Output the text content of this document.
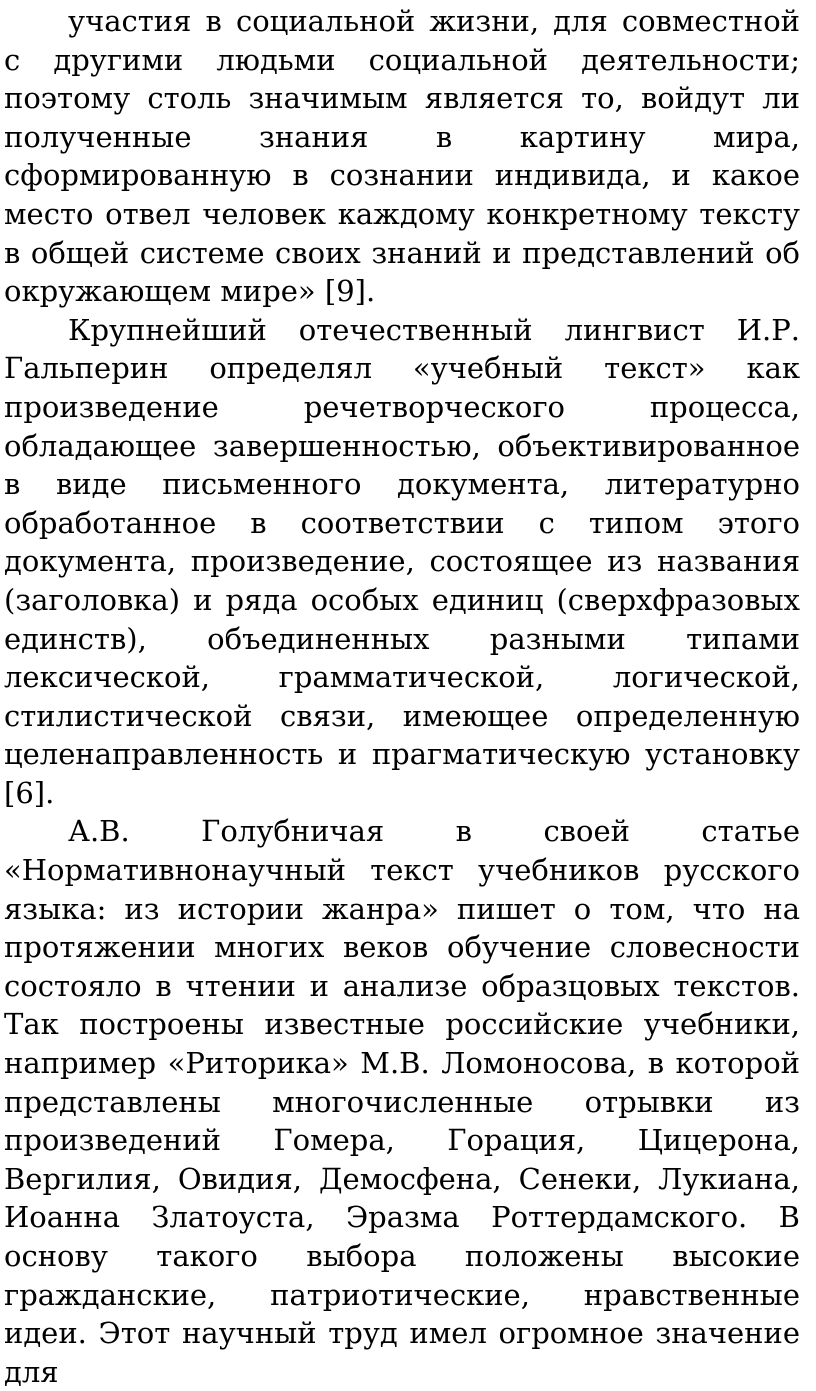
участия в социальной жизни, для совместной с другими людьми социальной деятельности; поэтому столь значимым является то, войдут ли полученные знания в картину мира, сформированную в сознании индивида, и какое место отвел человек каждому конкретному тексту в общей системе своих знаний и представлений об окружающем мире» [9].

Крупнейший отечественный лингвист И.Р. Гальперин определял «учебный текст» как произведение речетворческого процесса, обладающее завершенностью, объективированное в виде письменного документа, литературно обработанное в соответствии с типом этого документа, произведение, состоящее из названия (заголовка) и ряда особых единиц (сверхфразовых единств), объединенных разными типами лексической, грамматической, логической, стилистической связи, имеющее определенную целенаправленность и прагматическую установку [6].

А.В. Голубничая в своей статье «Нормативнонаучный текст учебников русского языка: из истории жанра» пишет о том, что на протяжении многих веков обучение словесности состояло в чтении и анализе образцовых текстов. Так построены известные российские учебники, например «Риторика» М.В. Ломоносова, в которой представлены многочисленные отрывки из произведений Гомера, Горация, Цицерона, Вергилия, Овидия, Демосфена, Сенеки, Лукиана, Иоанна Златоуста, Эразма Роттердамского. В основу такого выбора положены высокие гражданские, патриотические, нравственные идеи. Этот научный труд имел огромное значение для
